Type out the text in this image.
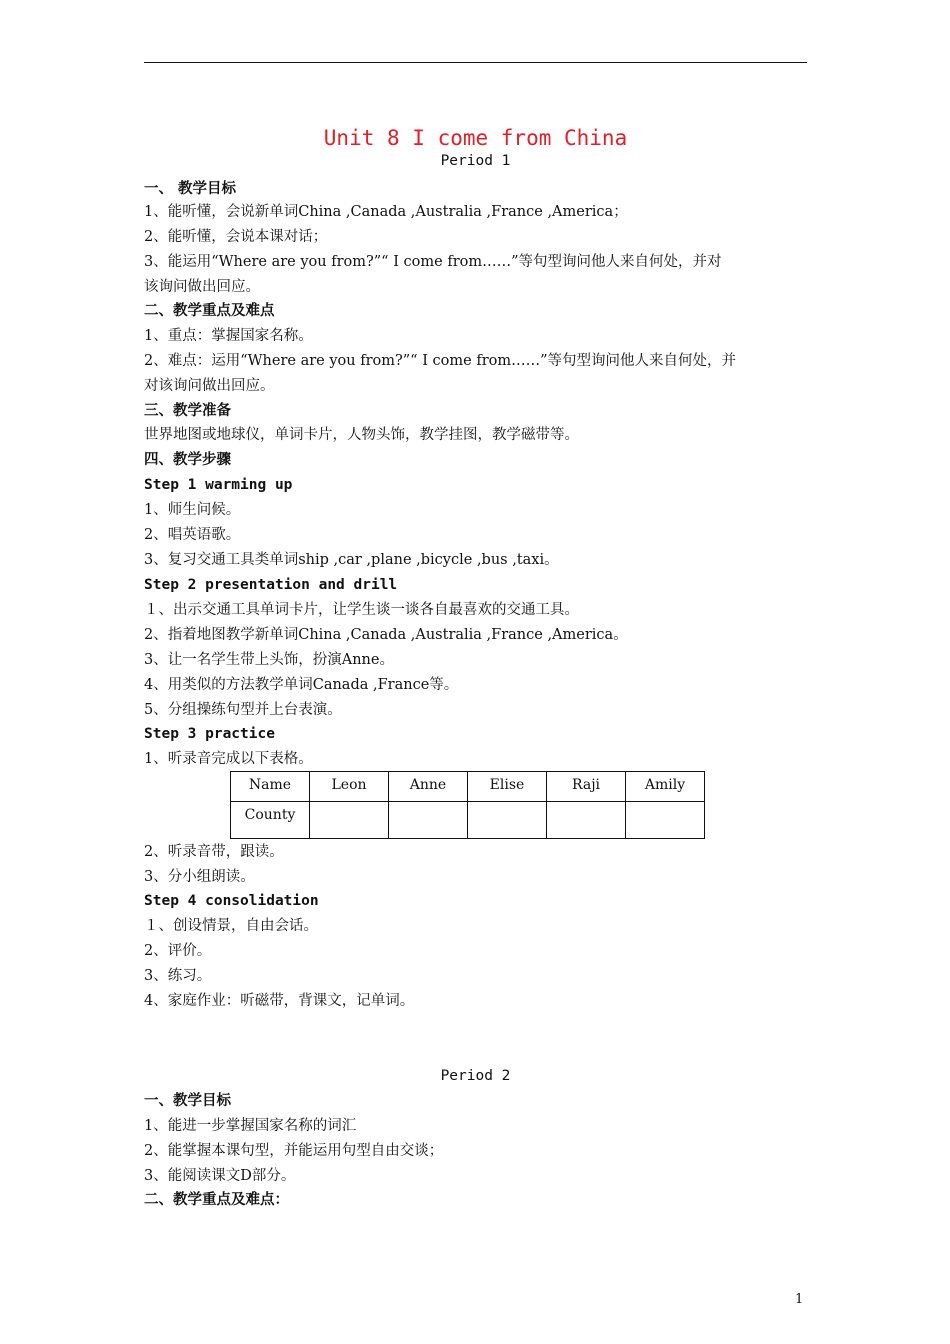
Unit 8 I come from China
Period 1
一、 教学目标
1、能听懂，会说新单词China ,Canada ,Australia ,France ,America；
2、能听懂，会说本课对话；
3、能运用“Where are you from?”“ I come from……”等句型询问他人来自何处，并对
该询问做出回应。
二、教学重点及难点
1、重点：掌握国家名称。
2、难点：运用“Where are you from?”“ I come from……”等句型询问他人来自何处，并
对该询问做出回应。
三、教学准备
世界地图或地球仪，单词卡片，人物头饰，教学挂图，教学磁带等。
四、教学步骤
Step 1 warming up
1、师生问候。
2、唱英语歌。
3、复习交通工具类单词ship ,car ,plane ,bicycle ,bus ,taxi。
Step 2 presentation and drill
１、出示交通工具单词卡片，让学生谈一谈各自最喜欢的交通工具。
2、指着地图教学新单词China ,Canada ,Australia ,France ,America。
3、让一名学生带上头饰，扮演Anne。
4、用类似的方法教学单词Canada ,France等。
5、分组操练句型并上台表演。
Step 3 practice
1、听录音完成以下表格。
Name	Leon	Anne	Elise	Raji	Amily
County					
2、听录音带，跟读。
3、分小组朗读。
Step 4 consolidation
１、创设情景，自由会话。
2、评价。
3、练习。
4、家庭作业：听磁带，背课文，记单词。
Period 2
一、教学目标
1、能进一步掌握国家名称的词汇
2、能掌握本课句型，并能运用句型自由交谈；
3、能阅读课文D部分。
二、教学重点及难点：
1
